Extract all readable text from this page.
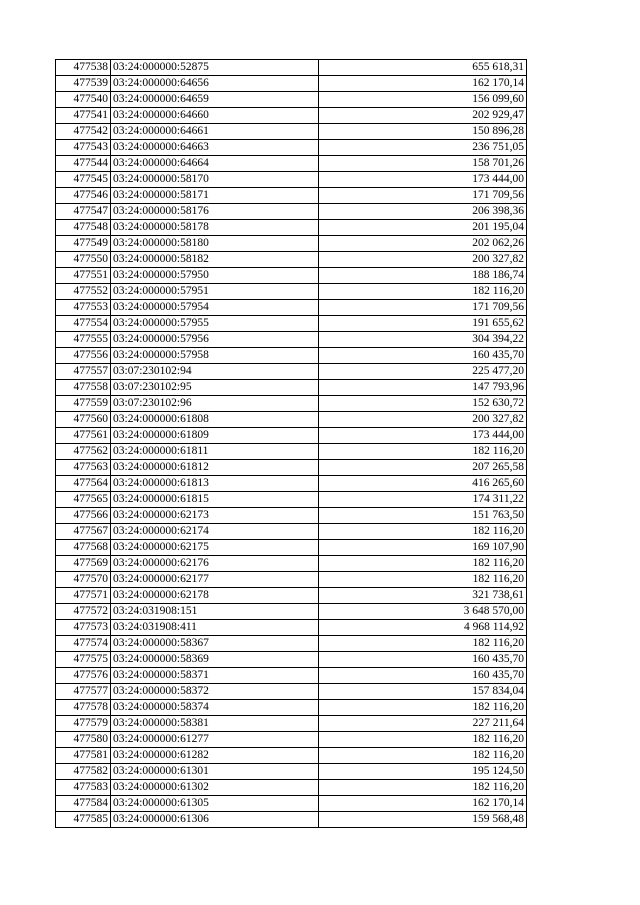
477538	03:24:000000:52875	655 618,31
477539	03:24:000000:64656	162 170,14
477540	03:24:000000:64659	156 099,60
477541	03:24:000000:64660	202 929,47
477542	03:24:000000:64661	150 896,28
477543	03:24:000000:64663	236 751,05
477544	03:24:000000:64664	158 701,26
477545	03:24:000000:58170	173 444,00
477546	03:24:000000:58171	171 709,56
477547	03:24:000000:58176	206 398,36
477548	03:24:000000:58178	201 195,04
477549	03:24:000000:58180	202 062,26
477550	03:24:000000:58182	200 327,82
477551	03:24:000000:57950	188 186,74
477552	03:24:000000:57951	182 116,20
477553	03:24:000000:57954	171 709,56
477554	03:24:000000:57955	191 655,62
477555	03:24:000000:57956	304 394,22
477556	03:24:000000:57958	160 435,70
477557	03:07:230102:94	225 477,20
477558	03:07:230102:95	147 793,96
477559	03:07:230102:96	152 630,72
477560	03:24:000000:61808	200 327,82
477561	03:24:000000:61809	173 444,00
477562	03:24:000000:61811	182 116,20
477563	03:24:000000:61812	207 265,58
477564	03:24:000000:61813	416 265,60
477565	03:24:000000:61815	174 311,22
477566	03:24:000000:62173	151 763,50
477567	03:24:000000:62174	182 116,20
477568	03:24:000000:62175	169 107,90
477569	03:24:000000:62176	182 116,20
477570	03:24:000000:62177	182 116,20
477571	03:24:000000:62178	321 738,61
477572	03:24:031908:151	3 648 570,00
477573	03:24:031908:411	4 968 114,92
477574	03:24:000000:58367	182 116,20
477575	03:24:000000:58369	160 435,70
477576	03:24:000000:58371	160 435,70
477577	03:24:000000:58372	157 834,04
477578	03:24:000000:58374	182 116,20
477579	03:24:000000:58381	227 211,64
477580	03:24:000000:61277	182 116,20
477581	03:24:000000:61282	182 116,20
477582	03:24:000000:61301	195 124,50
477583	03:24:000000:61302	182 116,20
477584	03:24:000000:61305	162 170,14
477585	03:24:000000:61306	159 568,48
